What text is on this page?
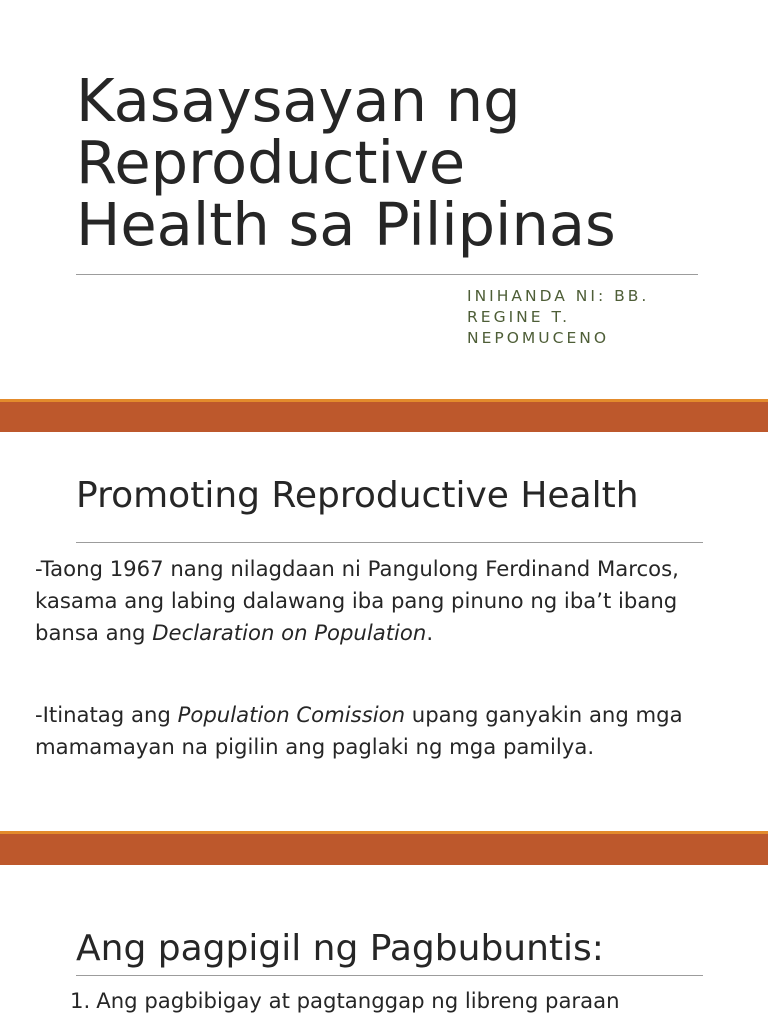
Kasaysayan ng
Reproductive
Health sa Pilipinas
INIHANDA NI: BB. REGINE T. NEPOMUCENO
Promoting Reproductive Health
-Taong 1967 nang nilagdaan ni Pangulong Ferdinand Marcos, kasama ang labing dalawang iba pang pinuno ng iba’t ibang bansa ang Declaration on Population.
-Itinatag ang Population Comission upang ganyakin ang mga mamamayan na pigilin ang paglaki ng mga pamilya.
Ang pagpigil ng Pagbubuntis:
1. Ang pagbibigay at pagtanggap ng libreng paraan
